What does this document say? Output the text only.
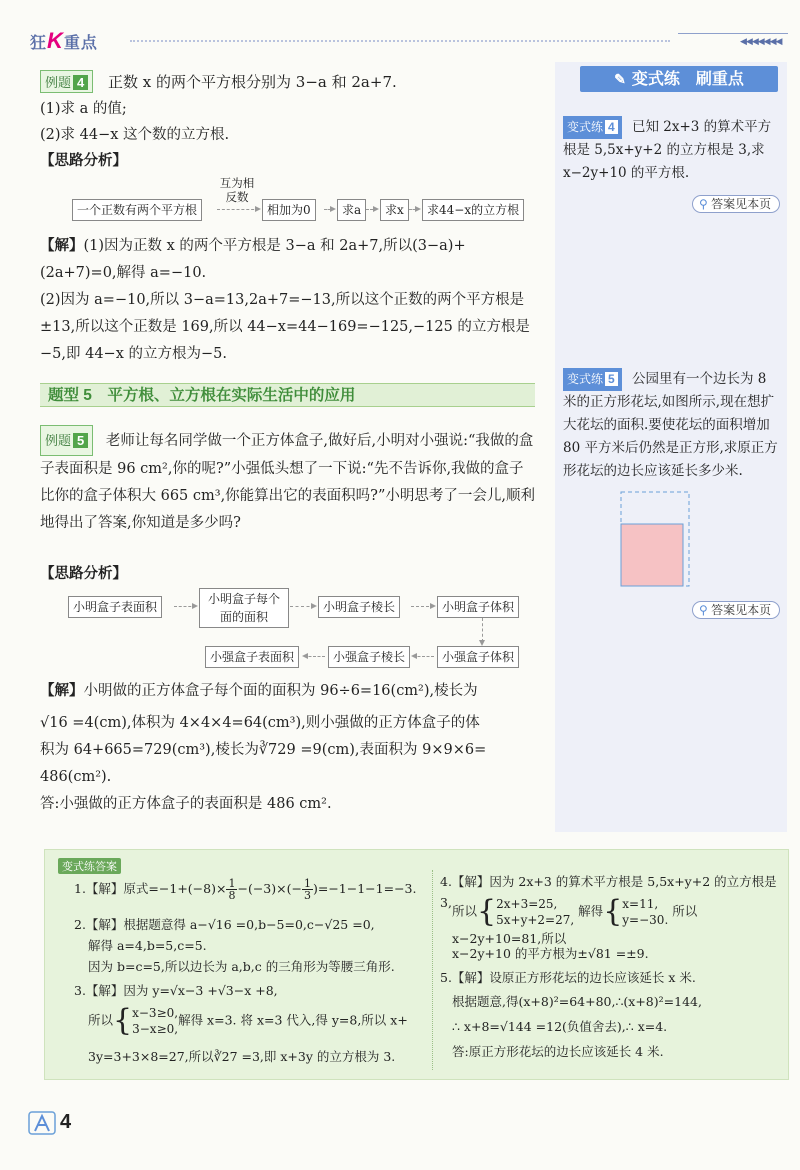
狂K重点	◀◀◀◀◀◀◀
例题 4 正数 x 的两个平方根分别为 3−a 和 2a+7.
(1)求 a 的值;
(2)求 44−x 这个数的立方根.
【思路分析】
一个正数有两个平方根
互为相反数
相加为0	求a	求x	求44−x的立方根
【解】(1)因为正数 x 的两个平方根是 3−a 和 2a+7,所以(3−a)+(2a+7)=0,解得 a=−10.
(2)因为 a=−10,所以 3−a=13,2a+7=−13,所以这个正数的两个平方根是±13,所以这个正数是 169,所以 44−x=44−169=−125,−125 的立方根是−5,即 44−x 的立方根为−5.
题型 5　平方根、立方根在实际生活中的应用
例题 5 老师让每名同学做一个正方体盒子,做好后,小明对小强说:“我做的盒子表面积是 96 cm²,你的呢?”小强低头想了一下说:“先不告诉你,我做的盒子比你的盒子体积大 665 cm³,你能算出它的表面积吗?”小明思考了一会儿,顺利地得出了答案,你知道是多少吗?
【思路分析】
小明盒子表面积
小明盒子每个面的面积
小明盒子棱长	小明盒子体积
小强盒子体积
小强盒子棱长
小强盒子表面积
【解】小明做的正方体盒子每个面的面积为 96÷6=16(cm²),棱长为
√16 =4(cm),体积为 4×4×4=64(cm³),则小强做的正方体盒子的体
积为 64+665=729(cm³),棱长为∛729 =9(cm),表面积为 9×9×6=
486(cm²).
答:小强做的正方体盒子的表面积是 486 cm².
✎ 变式练　刷重点
变式练 4 已知 2x+3 的算术平方根是 5,5x+y+2 的立方根是 3,求 x−2y+10 的平方根.
⚲ 答案见本页
变式练 5 公园里有一个边长为 8 米的正方形花坛,如图所示,现在想扩大花坛的面积.要使花坛的面积增加 80 平方米后仍然是正方形,求原正方形花坛的边长应该延长多少米.
⚲ 答案见本页
变式练答案
1.【解】原式$=-1+(-8)\times \frac{1}{8} -(-3)\times(- \frac{1}{3} )=-1-1-1=-3$.
2.【解】根据题意得 a−√16 =0,b−5=0,c−√25 =0,
解得 a=4,b=5,c=5.
因为 b=c=5,所以边长为 a,b,c 的三角形为等腰三角形.
3.【解】因为 y=√x−3 +√3−x +8,
所以{x−3≥0,
3−x≥0,解得 x=3. 将 x=3 代入,得 y=8,所以 x+
3y=3+3×8=27,所以∛27 =3,即 x+3y 的立方根为 3.
4.【解】因为 2x+3 的算术平方根是 5,5x+y+2 的立方根是 3,
所以{2x+3=25,
5x+y+2=27, 解得{x=11,
y=−30. 所以 x−2y+10=81,所以
x−2y+10 的平方根为±√81 =±9.
5.【解】设原正方形花坛的边长应该延长 x 米.
根据题意,得(x+8)²=64+80,∴(x+8)²=144,
∴ x+8=√144 =12(负值舍去),∴ x=4.
答:原正方形花坛的边长应该延长 4 米.
4
